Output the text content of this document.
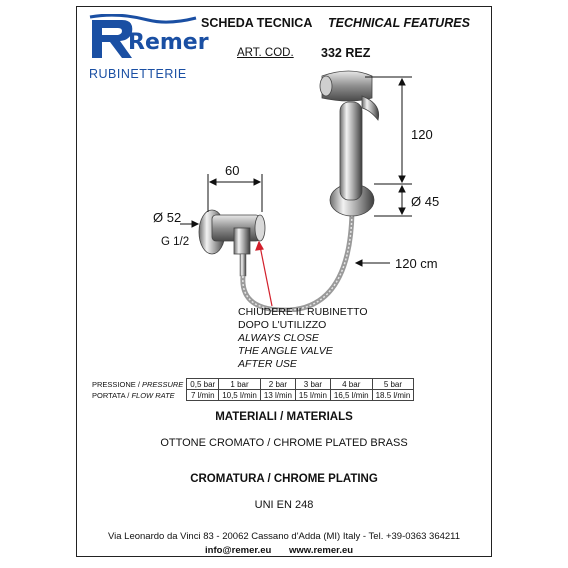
Remer
RUBINETTERIE
SCHEDA TECNICA TECHNICAL FEATURES
ART. COD. 332 REZ
60
Ø 52
G 1/2
120
Ø 45
120 cm
CHIUDERE IL RUBINETTO
DOPO L'UTILIZZO
ALWAYS CLOSE
THE ANGLE VALVE
AFTER USE
PRESSIONE / PRESSURE	0,5 bar	1 bar	2 bar	3 bar	4 bar	5 bar
PORTATA / FLOW RATE	7 l/min	10,5 l/min	13 l/min	15 l/min	16,5 l/min	18.5 l/min
MATERIALI / MATERIALS
OTTONE CROMATO / CHROME PLATED BRASS
CROMATURA / CHROME PLATING
UNI EN 248
Via Leonardo da Vinci 83 - 20062 Cassano d'Adda (MI) Italy - Tel. +39-0363 364211
info@remer.eu www.remer.eu
